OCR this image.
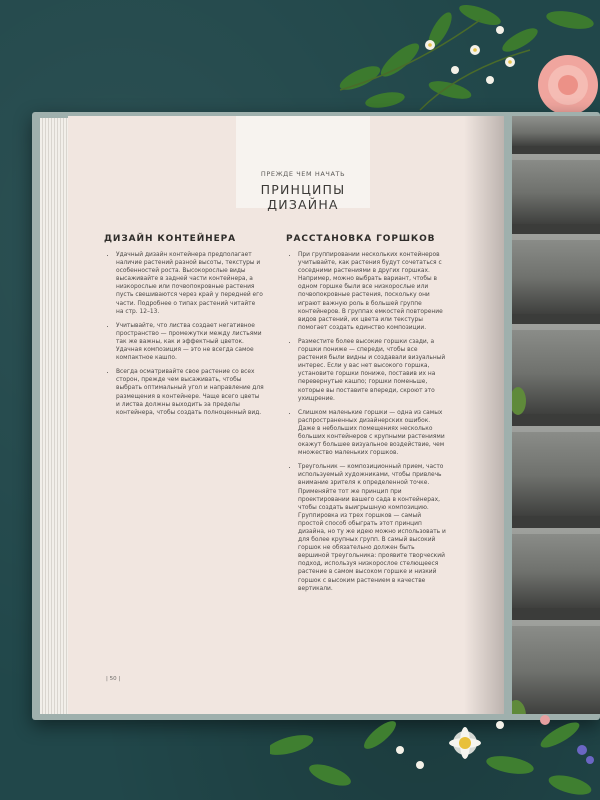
ПРЕЖДЕ ЧЕМ НАЧАТЬ
ПРИНЦИПЫ ДИЗАЙНА
ДИЗАЙН КОНТЕЙНЕРА
• Удачный дизайн контейнера предполагает наличие растений разной высоты, текстуры и особенностей роста. Высокорослые виды высаживайте в задней части контейнера, а низкорослые или почвопокровные растения пусть свешиваются через край у передней его части. Подробнее о типах растений читайте на стр. 12–13.
• Учитывайте, что листва создает негативное пространство — промежутки между листьями так же важны, как и эффектный цветок. Удачная композиция — это не всегда самое компактное кашпо.
• Всегда осматривайте свое растение со всех сторон, прежде чем высаживать, чтобы выбрать оптимальный угол и направление для размещения в контейнере. Чаще всего цветы и листва должны выходить за пределы контейнера, чтобы создать полноценный вид.
РАССТАНОВКА ГОРШКОВ
• При группировании нескольких контейнеров учитывайте, как растения будут сочетаться с соседними растениями в других горшках. Например, можно выбрать вариант, чтобы в одном горшке были все низкорослые или почвопокровные растения, поскольку они играют важную роль в большей группе контейнеров. В группах емкостей повторение видов растений, их цвета или текстуры помогает создать единство композиции.
• Разместите более высокие горшки сзади, а горшки пониже — спереди, чтобы все растения были видны и создавали визуальный интерес. Если у вас нет высокого горшка, установите горшки пониже, поставив их на перевернутые кашпо; горшки поменьше, которые вы поставите впереди, скроют это ухищрение.
• Слишком маленькие горшки — одна из самых распространенных дизайнерских ошибок. Даже в небольших помещениях несколько больших контейнеров с крупными растениями окажут большее визуальное воздействие, чем множество маленьких горшков.
• Треугольник — композиционный прием, часто используемый художниками, чтобы привлечь внимание зрителя к определенной точке. Применяйте тот же принцип при проектировании вашего сада в контейнерах, чтобы создать выигрышную композицию. Группировка из трех горшков — самый простой способ обыграть этот принцип дизайна, но ту же идею можно использовать и для более крупных групп. В самый высокий горшок не обязательно должен быть вершиной треугольника: проявите творческий подход, используя низкорослое стелющееся растение в самом высоком горшке и низкий горшок с высоким растением в качестве вертикали.
| 50 |
